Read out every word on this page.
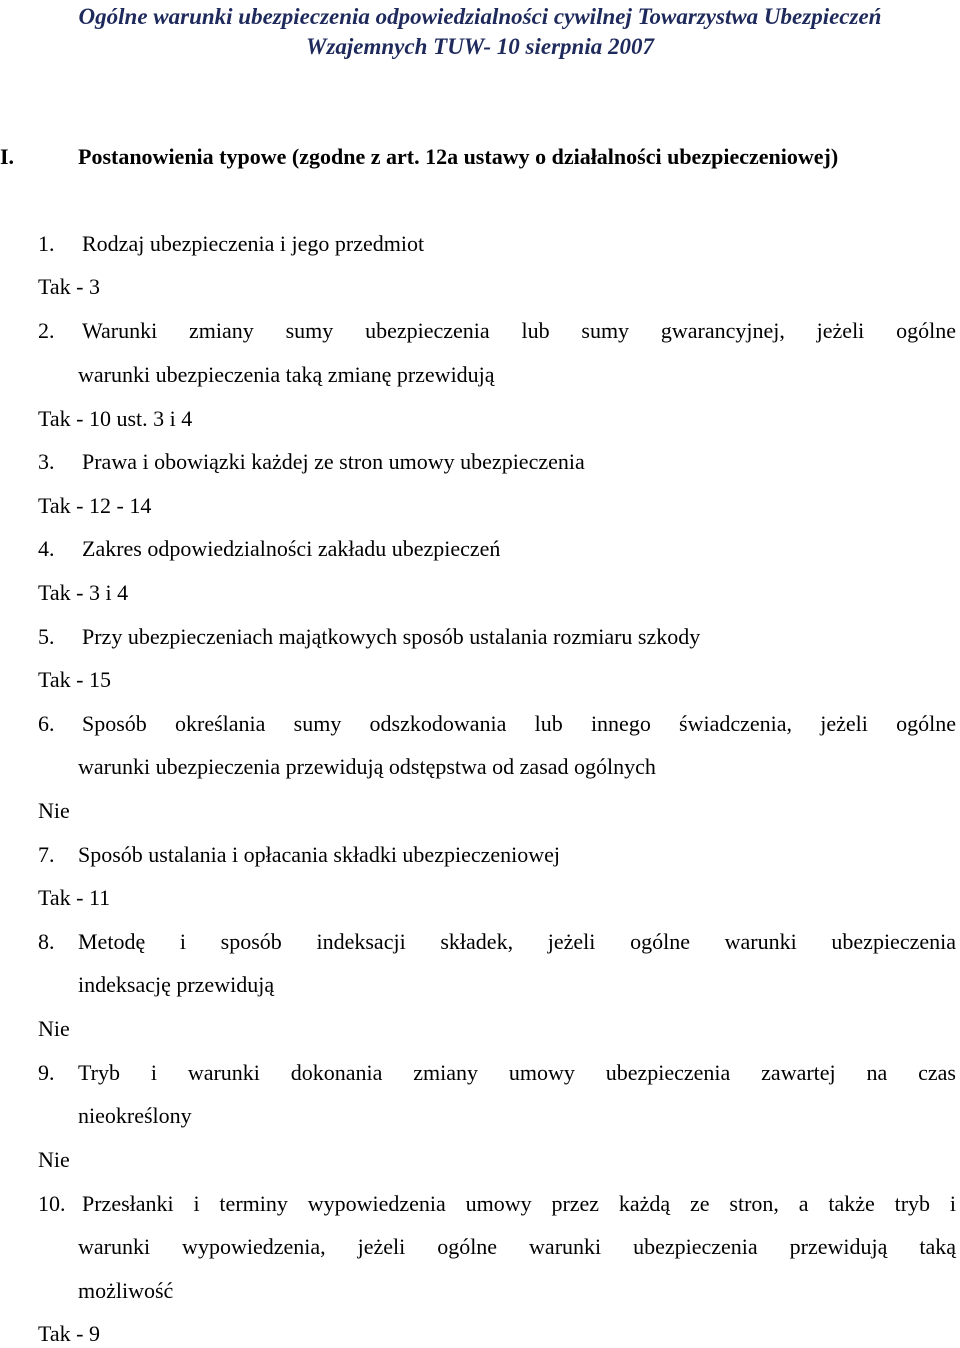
Ogólne warunki ubezpieczenia odpowiedzialności cywilnej Towarzystwa Ubezpieczeń
Wzajemnych TUW- 10 sierpnia 2007
I.	Postanowienia typowe (zgodne z art. 12a ustawy o działalności ubezpieczeniowej)
1. Rodzaj ubezpieczenia i jego przedmiot
Tak - 3
2. Warunki zmiany sumy ubezpieczenia lub sumy gwarancyjnej, jeżeli ogólne
warunki ubezpieczenia taką zmianę przewidują
Tak - 10 ust. 3 i 4
3. Prawa i obowiązki każdej ze stron umowy ubezpieczenia
Tak - 12 - 14
4. Zakres odpowiedzialności zakładu ubezpieczeń
Tak - 3 i 4
5. Przy ubezpieczeniach majątkowych sposób ustalania rozmiaru szkody
Tak - 15
6. Sposób określania sumy odszkodowania lub innego świadczenia, jeżeli ogólne
warunki ubezpieczenia przewidują odstępstwa od zasad ogólnych
Nie
7. Sposób ustalania i opłacania składki ubezpieczeniowej
Tak - 11
8. Metodę i sposób indeksacji składek, jeżeli ogólne warunki ubezpieczenia
indeksację przewidują
Nie
9. Tryb i warunki dokonania zmiany umowy ubezpieczenia zawartej na czas
nieokreślony
Nie
10. Przesłanki i terminy wypowiedzenia umowy przez każdą ze stron, a także tryb i
warunki wypowiedzenia, jeżeli ogólne warunki ubezpieczenia przewidują taką
możliwość
Tak - 9
